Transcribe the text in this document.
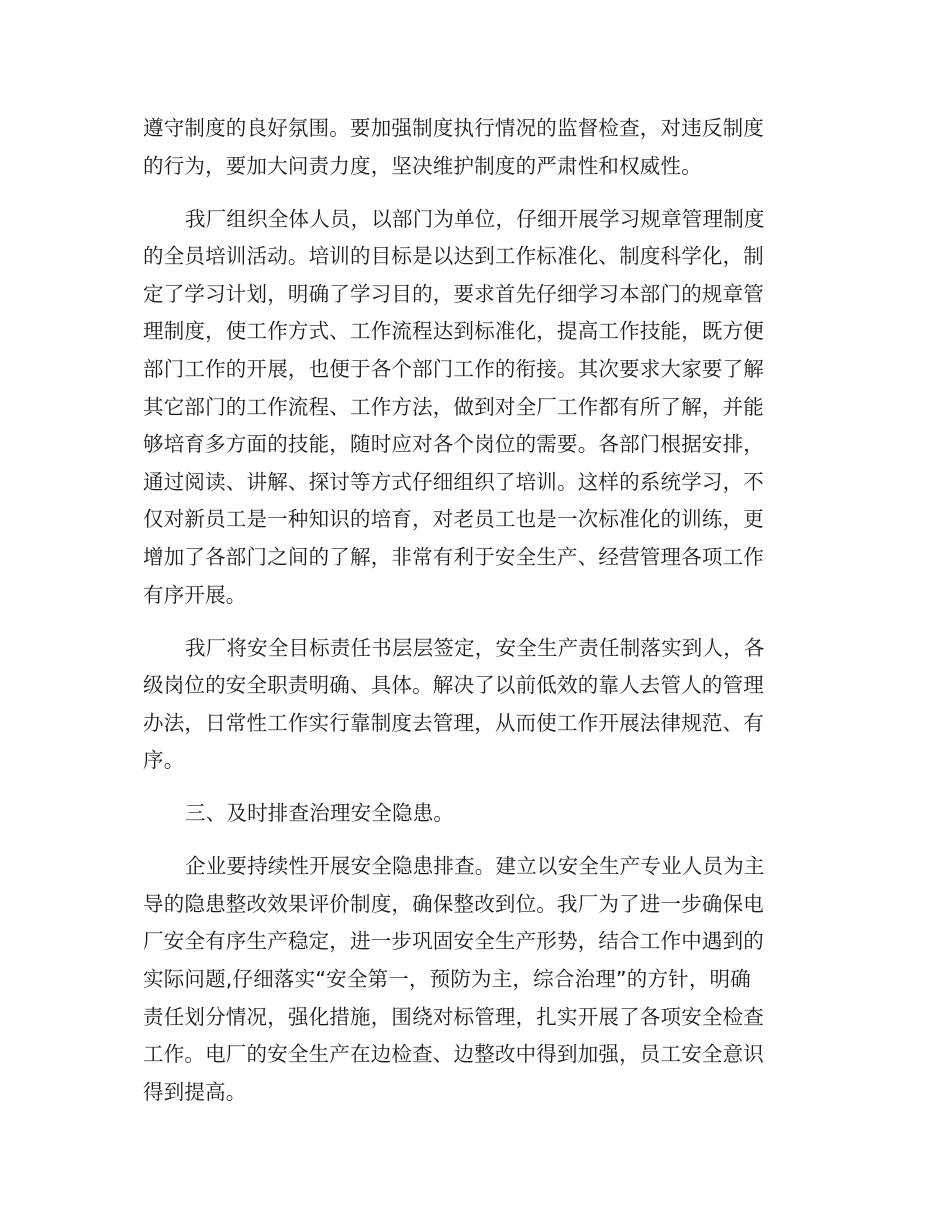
遵守制度的良好氛围。要加强制度执行情况的监督检查，对违反制度
的行为，要加大问责力度，坚决维护制度的严肃性和权威性。

我厂组织全体人员，以部门为单位，仔细开展学习规章管理制度
的全员培训活动。培训的目标是以达到工作标准化、制度科学化，制
定了学习计划，明确了学习目的，要求首先仔细学习本部门的规章管
理制度，使工作方式、工作流程达到标准化，提高工作技能，既方便
部门工作的开展，也便于各个部门工作的衔接。其次要求大家要了解
其它部门的工作流程、工作方法，做到对全厂工作都有所了解，并能
够培育多方面的技能，随时应对各个岗位的需要。各部门根据安排，
通过阅读、讲解、探讨等方式仔细组织了培训。这样的系统学习，不
仅对新员工是一种知识的培育，对老员工也是一次标准化的训练，更
增加了各部门之间的了解，非常有利于安全生产、经营管理各项工作
有序开展。

我厂将安全目标责任书层层签定，安全生产责任制落实到人，各
级岗位的安全职责明确、具体。解决了以前低效的靠人去管人的管理
办法，日常性工作实行靠制度去管理，从而使工作开展法律规范、有
序。

三、及时排查治理安全隐患。

企业要持续性开展安全隐患排查。建立以安全生产专业人员为主
导的隐患整改效果评价制度，确保整改到位。我厂为了进一步确保电
厂安全有序生产稳定，进一步巩固安全生产形势，结合工作中遇到的
实际问题,仔细落实“安全第一，预防为主，综合治理”的方针，明确
责任划分情况，强化措施，围绕对标管理，扎实开展了各项安全检查
工作。电厂的安全生产在边检查、边整改中得到加强，员工安全意识
得到提高。
